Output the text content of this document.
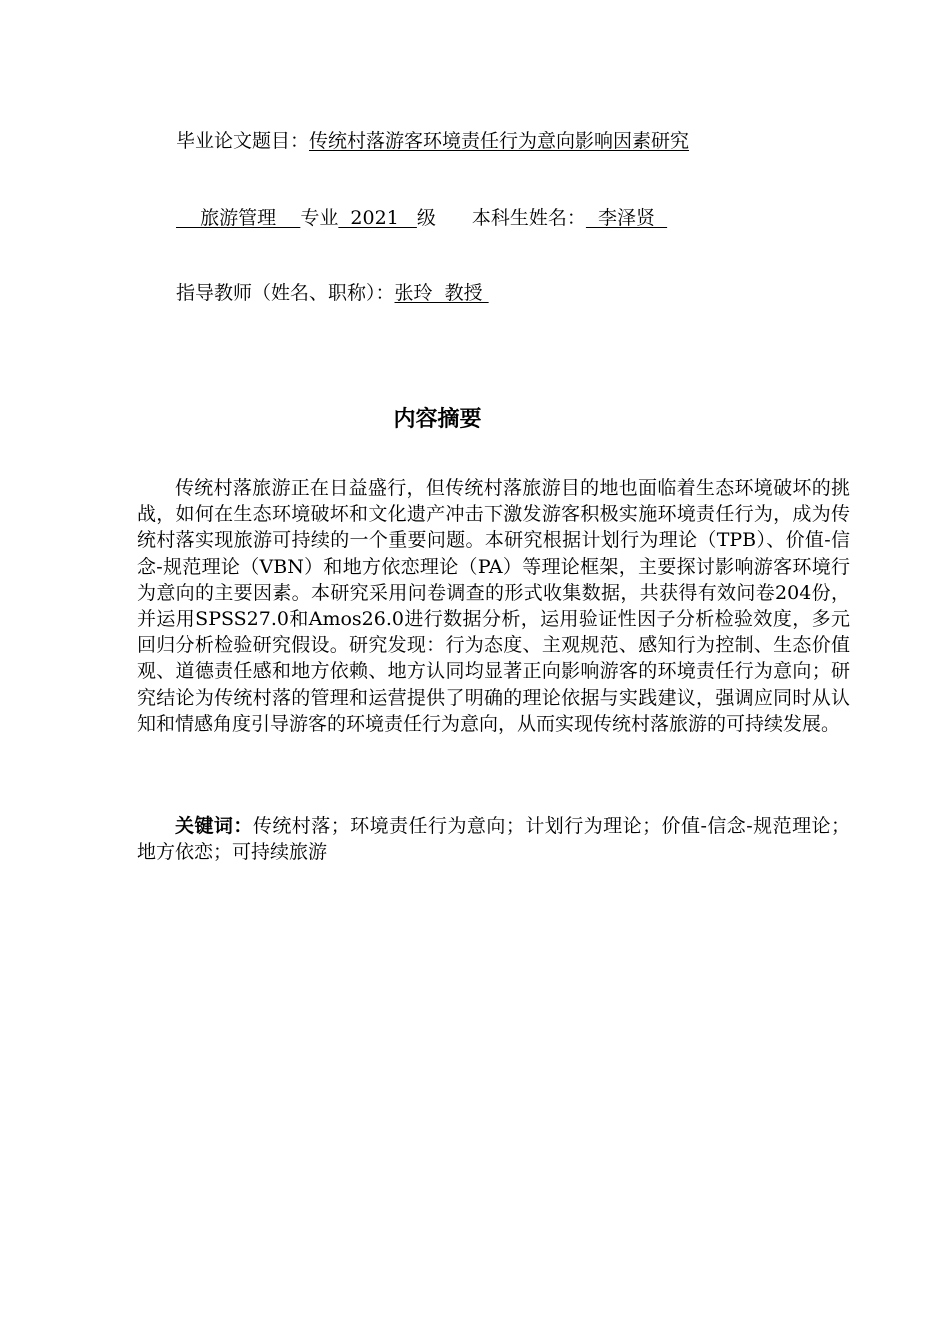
毕业论文题目：传统村落游客环境责任行为意向影响因素研究
旅游管理    专业  2021   级 本科生姓名：  李泽贤
指导教师（姓名、职称）：张玲  教授
内容摘要

传统村落旅游正在日益盛行，但传统村落旅游目的地也面临着生态环境破坏的挑战，如何在生态环境破坏和文化遗产冲击下激发游客积极实施环境责任行为，成为传统村落实现旅游可持续的一个重要问题。本研究根据计划行为理论（TPB）、价值-信念-规范理论（VBN）和地方依恋理论（PA）等理论框架，主要探讨影响游客环境行为意向的主要因素。本研究采用问卷调查的形式收集数据，共获得有效问卷204份，并运用SPSS27.0和Amos26.0进行数据分析，运用验证性因子分析检验效度，多元回归分析检验研究假设。研究发现：行为态度、主观规范、感知行为控制、生态价值观、道德责任感和地方依赖、地方认同均显著正向影响游客的环境责任行为意向；研究结论为传统村落的管理和运营提供了明确的理论依据与实践建议，强调应同时从认知和情感角度引导游客的环境责任行为意向，从而实现传统村落旅游的可持续发展。

关键词：传统村落；环境责任行为意向；计划行为理论；价值-信念-规范理论；地方依恋；可持续旅游
